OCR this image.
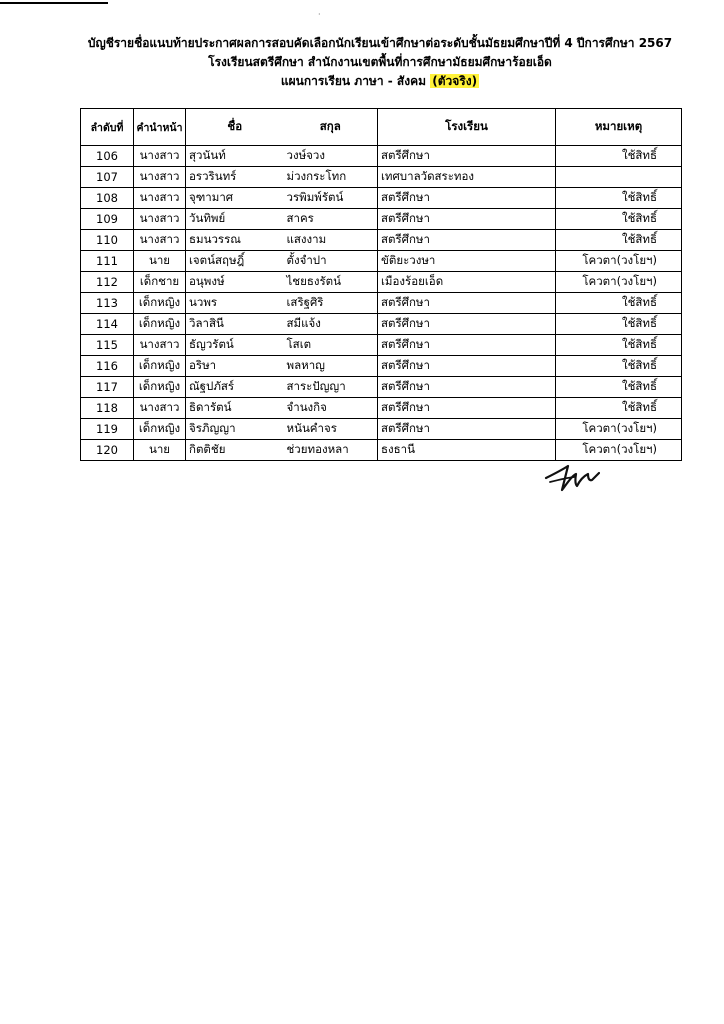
·
บัญชีรายชื่อแนบท้ายประกาศผลการสอบคัดเลือกนักเรียนเข้าศึกษาต่อระดับชั้นมัธยมศึกษาปีที่ 4 ปีการศึกษา 2567
โรงเรียนสตรีศึกษา สำนักงานเขตพื้นที่การศึกษามัธยมศึกษาร้อยเอ็ด
แผนการเรียน ภาษา - สังคม (ตัวจริง)
ลำดับที่	คำนำหน้า	ชื่อ	สกุล	โรงเรียน	หมายเหตุ
106	นางสาว	สุวนันท์	วงษ์จวง	สตรีศึกษา	ใช้สิทธิ์
107	นางสาว	อรวรินทร์	ม่วงกระโทก	เทศบาลวัดสระทอง	
108	นางสาว	จุฑามาศ	วรพิมพ์รัตน์	สตรีศึกษา	ใช้สิทธิ์
109	นางสาว	วันทิพย์	สาคร	สตรีศึกษา	ใช้สิทธิ์
110	นางสาว	ธมนวรรณ	แสงงาม	สตรีศึกษา	ใช้สิทธิ์
111	นาย	เจตน์สฤษฎิ์	ตั้งจำปา	ขัติยะวงษา	โควตา(วงโยฯ)
112	เด็กชาย	อนุพงษ์	ไชยธงรัตน์	เมืองร้อยเอ็ด	โควตา(วงโยฯ)
113	เด็กหญิง	นวพร	เสริฐศิริ	สตรีศึกษา	ใช้สิทธิ์
114	เด็กหญิง	วิลาสินี	สมีแจ้ง	สตรีศึกษา	ใช้สิทธิ์
115	นางสาว	ธัญวรัตน์	โสเต	สตรีศึกษา	ใช้สิทธิ์
116	เด็กหญิง	อริษา	พลหาญ	สตรีศึกษา	ใช้สิทธิ์
117	เด็กหญิง	ณัฐปภัสร์	สาระปัญญา	สตรีศึกษา	ใช้สิทธิ์
118	นางสาว	ธิดารัตน์	จำนงกิจ	สตรีศึกษา	ใช้สิทธิ์
119	เด็กหญิง	จิรภิญญา	หนันคำจร	สตรีศึกษา	โควตา(วงโยฯ)
120	นาย	กิตติชัย	ช่วยทองหลา	ธงธานี	โควตา(วงโยฯ)
